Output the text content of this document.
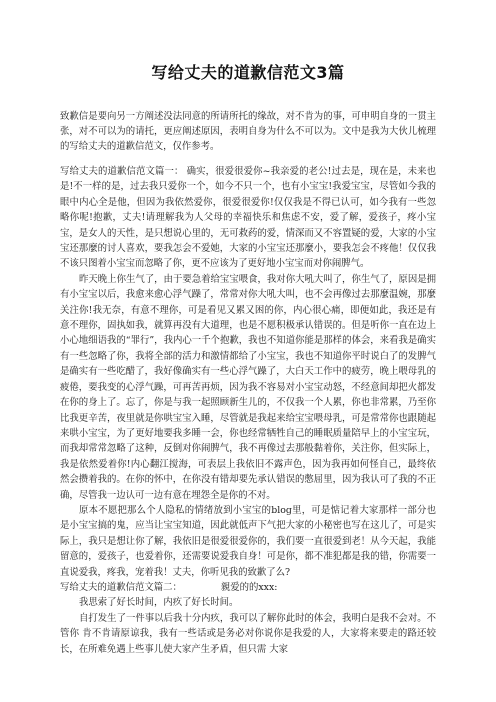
写给丈夫的道歉信范文3篇

致歉信是要向另一方阐述没法同意的所请所托的缘故，对不肯为的事，可申明自身的一贯主张，对不可以为的请托，更应阐述原因，表明自身为什么不可以为。文中是我为大伙儿梳理的写给丈夫的道歉信范文，仅作参考。

写给丈夫的道歉信范文篇一： 确实，很爱很爱你~我亲爱的老公!过去是，现在是，未来也是!不一样的是，过去我只爱你一个，如今不只一个，也有小宝宝!我爱宝宝，尽管如今我的眼中内心全是他，但因为我依然爱你，很爱很爱你!仅仅我是不得已认可，如今我有一些忽略你呢!抱歉，丈夫!请理解我为人父母的幸福快乐和焦虑不安，爱了解，爱孩子，疼小宝宝，是女人的天性，是只想说心里的，无可救药的爱，情深而又不容置疑的爱，大家的小宝宝还那麼的讨人喜欢，要我怎会不爱她，大家的小宝宝还那麼小，要我怎会不疼他！仅仅我不该只图着小宝宝而忽略了你，更不应该为了更好地小宝宝而对你闹脾气。

昨天晚上你生气了，由于要急着给宝宝喂食，我对你大吼大叫了，你生气了，原因是拥有小宝宝以后，我愈来愈心浮气躁了，常常对你大吼大叫，也不会再像过去那麼温婉，那麼关注你!我无奈，有意不理你，可是看见又累又困的你，内心很心痛，即便如此，我还是有意不理你，固执如我，就算再没有大道理，也是不愿积极承认错误的。但是听你一直在边上小心地细语我的“罪行”，我内心一千个抱歉，我也不知道你能是那样的体会，来看我是确实有一些忽略了你，我将全部的活力和激情都给了小宝宝，我也不知道你平时说白了的发脾气是确实有一些吃醋了，我好像确实有一些心浮气躁了，大白天工作中的疲劳，晚上喂母乳的疲倦，要我变的心浮气躁，可再苦再烦，因为我不容易对小宝宝动怒，不经意间却把火都发在你的身上了。忘了，你是与我一起照顾新生儿的，不仅我一个人累，你也非常累，乃至你比我更辛苦，夜里就是你哄宝宝入睡，尽管就是我起来给宝宝喂母乳，可是常常你也跟随起来哄小宝宝，为了更好地要我多睡一会，你也经常牺牲自己的睡眠质量陪早上的小宝宝玩，而我却常常忽略了这种，反倒对你闹脾气，我不再像过去那般黏着你，关注你，但实际上，我是依然爱着你!内心翻江搅海，可表层上我依旧不露声色，因为我再如何怪自己，最终依然会攒着我的。在你的怀中，在你没有错却要先承认错误的憋屈里，因为我认可了我的不正确，尽管我一边认可一边有意在埋怨全是你的不对。

原本不愿把那么个人隐私的情绪放到小宝宝的blog里，可是惦记着大家那样一部分也是小宝宝搞的鬼，应当让宝宝知道，因此就低声下气把大家的小秘密也写在这儿了，可是实际上，我只是想让你了解，我依旧是很爱很爱你的，我们要一直很爱到老！从今天起，我能留意的，爱孩子，也爱着你，还需要说爱我自身！可是你，都不准犯都是我的错，你需要一直说爱我，疼我，宠着我！丈夫，你听见我的致歉了么?

写给丈夫的道歉信范文篇二：	親爱的的xxx:

我思索了好长时间，内疚了好长时间。

自打发生了一件事以后我十分内疚，我可以了解你此时的体会，我明白是我不会对。不管你 肯不肯请原谅我，我有一些话或是务必对你说你是我爱的人，大家将来要走的路还较长，在所难免遇上些事儿使大家产生矛盾，但只需 大家
